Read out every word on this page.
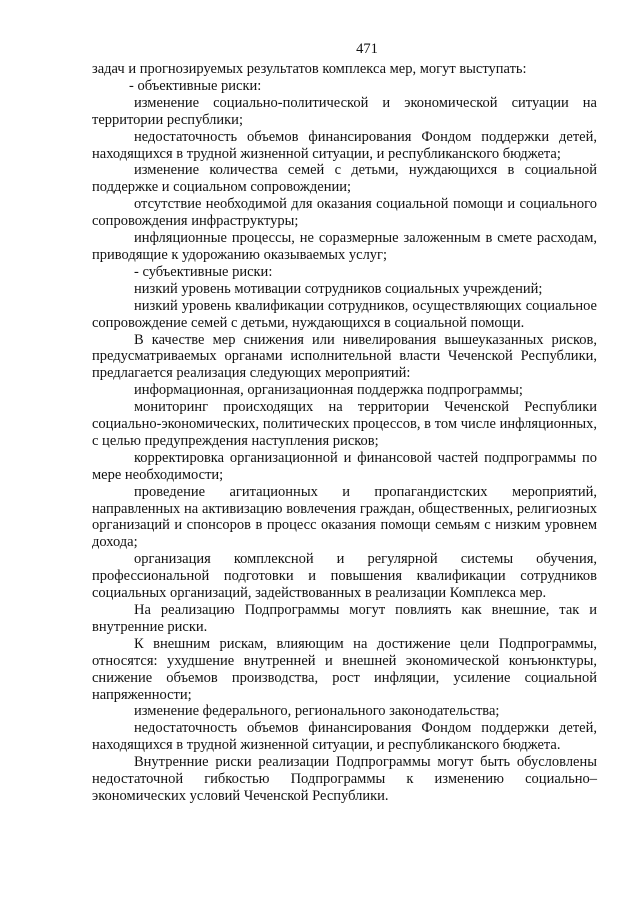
471

задач и прогнозируемых результатов комплекса мер, могут выступать:

- объективные риски:

изменение социально-политической и экономической ситуации на территории республики;

недостаточность объемов финансирования Фондом поддержки детей, находящихся в трудной жизненной ситуации, и республиканского бюджета;

изменение количества семей с детьми, нуждающихся в социальной поддержке и социальном сопровождении;

отсутствие необходимой для оказания социальной помощи и социального сопровождения инфраструктуры;

инфляционные процессы, не соразмерные заложенным в смете расходам, приводящие к удорожанию оказываемых услуг;

- субъективные риски:

низкий уровень мотивации сотрудников социальных учреждений;

низкий уровень квалификации сотрудников, осуществляющих социальное сопровождение семей с детьми, нуждающихся в социальной помощи.

В качестве мер снижения или нивелирования вышеуказанных рисков, предусматриваемых органами исполнительной власти Чеченской Республики, предлагается реализация следующих мероприятий:

информационная, организационная поддержка подпрограммы;

мониторинг происходящих на территории Чеченской Республики социально-экономических, политических процессов, в том числе инфляционных, с целью предупреждения наступления рисков;

корректировка организационной и финансовой частей подпрограммы по мере необходимости;

проведение агитационных и пропагандистских мероприятий, направленных на активизацию вовлечения граждан, общественных, религиозных организаций и спонсоров в процесс оказания помощи семьям с низким уровнем дохода;

организация комплексной и регулярной системы обучения, профессиональной подготовки и повышения квалификации сотрудников социальных организаций, задействованных в реализации Комплекса мер.

На реализацию Подпрограммы могут повлиять как внешние, так и внутренние риски.

К внешним рискам, влияющим на достижение цели Подпрограммы, относятся: ухудшение внутренней и внешней экономической конъюнктуры, снижение объемов производства, рост инфляции, усиление социальной напряженности;

изменение федерального, регионального законодательства;

недостаточность объемов финансирования Фондом поддержки детей, находящихся в трудной жизненной ситуации, и республиканского бюджета.

Внутренние риски реализации Подпрограммы могут быть обусловлены недостаточной гибкостью Подпрограммы к изменению социально–экономических условий Чеченской Республики.
